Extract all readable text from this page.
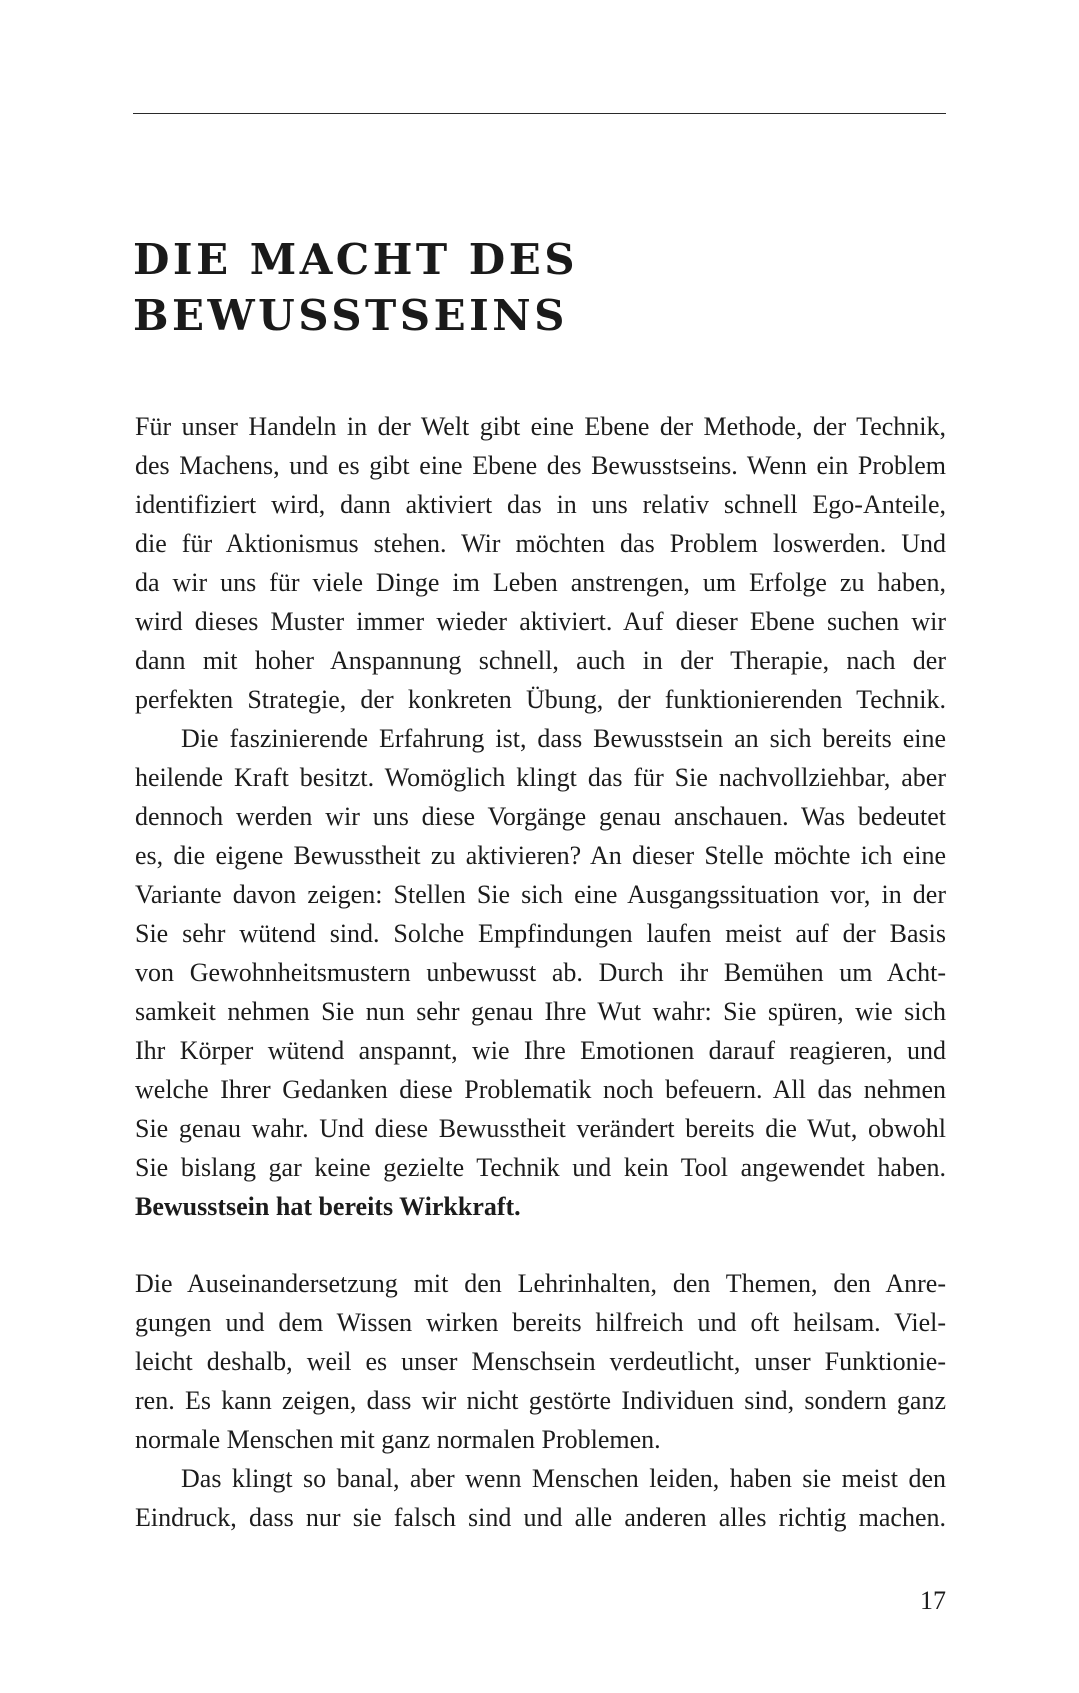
DIE MACHT DES
BEWUSSTSEINS

Für unser Handeln in der Welt gibt eine Ebene der Methode, der Technik,
des Machens, und es gibt eine Ebene des Bewusstseins. Wenn ein Problem
identifiziert wird, dann aktiviert das in uns relativ schnell Ego-Anteile,
die für Aktionismus stehen. Wir möchten das Problem loswerden. Und
da wir uns für viele Dinge im Leben anstrengen, um Erfolge zu haben,
wird dieses Muster immer wieder aktiviert. Auf dieser Ebene suchen wir
dann mit hoher Anspannung schnell, auch in der Therapie, nach der
perfekten Strategie, der konkreten Übung, der funktionierenden Technik.

Die faszinierende Erfahrung ist, dass Bewusstsein an sich bereits eine
heilende Kraft besitzt. Womöglich klingt das für Sie nachvollziehbar, aber
dennoch werden wir uns diese Vorgänge genau anschauen. Was bedeutet
es, die eigene Bewusstheit zu aktivieren? An dieser Stelle möchte ich eine
Variante davon zeigen: Stellen Sie sich eine Ausgangssituation vor, in der
Sie sehr wütend sind. Solche Empfindungen laufen meist auf der Basis
von Gewohnheitsmustern unbewusst ab. Durch ihr Bemühen um Acht-
samkeit nehmen Sie nun sehr genau Ihre Wut wahr: Sie spüren, wie sich
Ihr Körper wütend anspannt, wie Ihre Emotionen darauf reagieren, und
welche Ihrer Gedanken diese Problematik noch befeuern. All das nehmen
Sie genau wahr. Und diese Bewusstheit verändert bereits die Wut, obwohl
Sie bislang gar keine gezielte Technik und kein Tool angewendet haben.
Bewusstsein hat bereits Wirkkraft.

Die Auseinandersetzung mit den Lehrinhalten, den Themen, den Anre-
gungen und dem Wissen wirken bereits hilfreich und oft heilsam. Viel-
leicht deshalb, weil es unser Menschsein verdeutlicht, unser Funktionie-
ren. Es kann zeigen, dass wir nicht gestörte Individuen sind, sondern ganz
normale Menschen mit ganz normalen Problemen.

Das klingt so banal, aber wenn Menschen leiden, haben sie meist den
Eindruck, dass nur sie falsch sind und alle anderen alles richtig machen.

17
